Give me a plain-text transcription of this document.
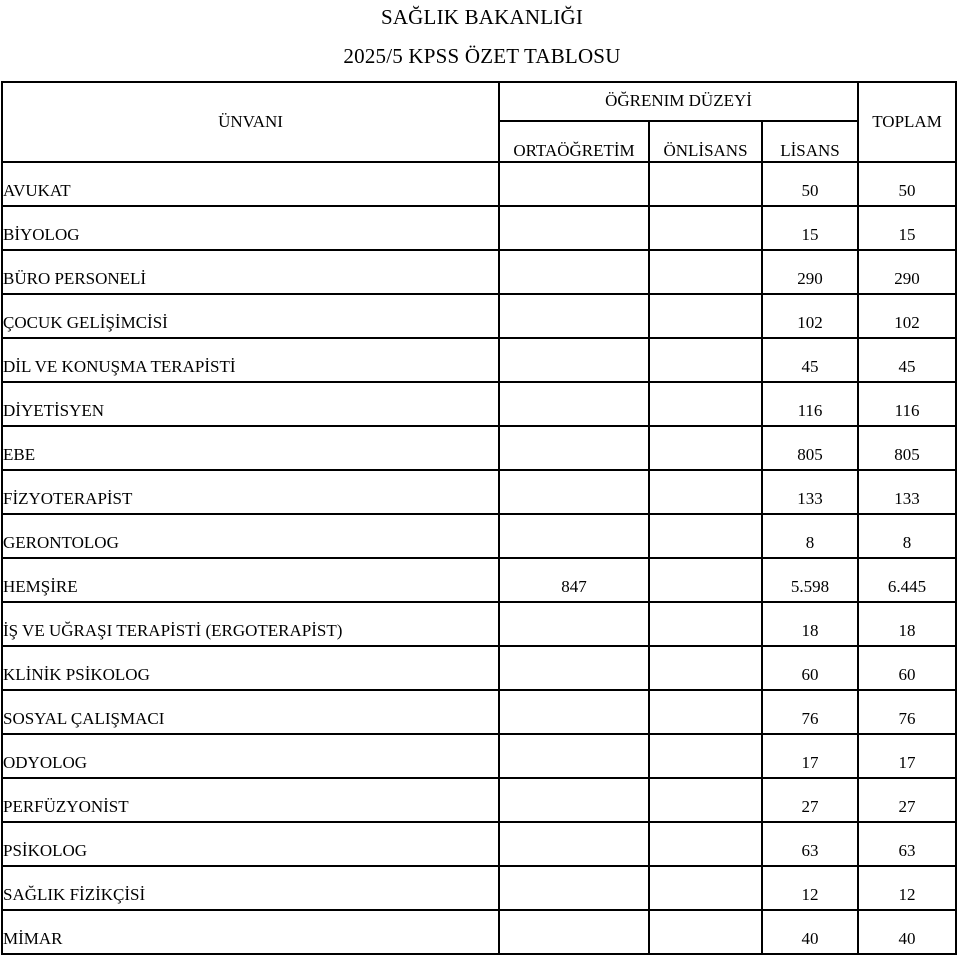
SAĞLIK BAKANLIĞI
2025/5 KPSS ÖZET TABLOSU
ÜNVANI	ÖĞRENIM DÜZEYİ			TOPLAM
	ORTAÖĞRETİM	ÖNLİSANS	LİSANS	
AVUKAT			50	50
BİYOLOG			15	15
BÜRO PERSONELİ			290	290
ÇOCUK GELİŞİMCİSİ			102	102
DİL VE KONUŞMA TERAPİSTİ			45	45
DİYETİSYEN			116	116
EBE			805	805
FİZYOTERAPİST			133	133
GERONTOLOG			8	8
HEMŞİRE	847		5.598	6.445
İŞ VE UĞRAŞI TERAPİSTİ (ERGOTERAPİST)			18	18
KLİNİK PSİKOLOG			60	60
SOSYAL ÇALIŞMACI			76	76
ODYOLOG			17	17
PERFÜZYONİST			27	27
PSİKOLOG			63	63
SAĞLIK FİZİKÇİSİ			12	12
MİMAR			40	40
